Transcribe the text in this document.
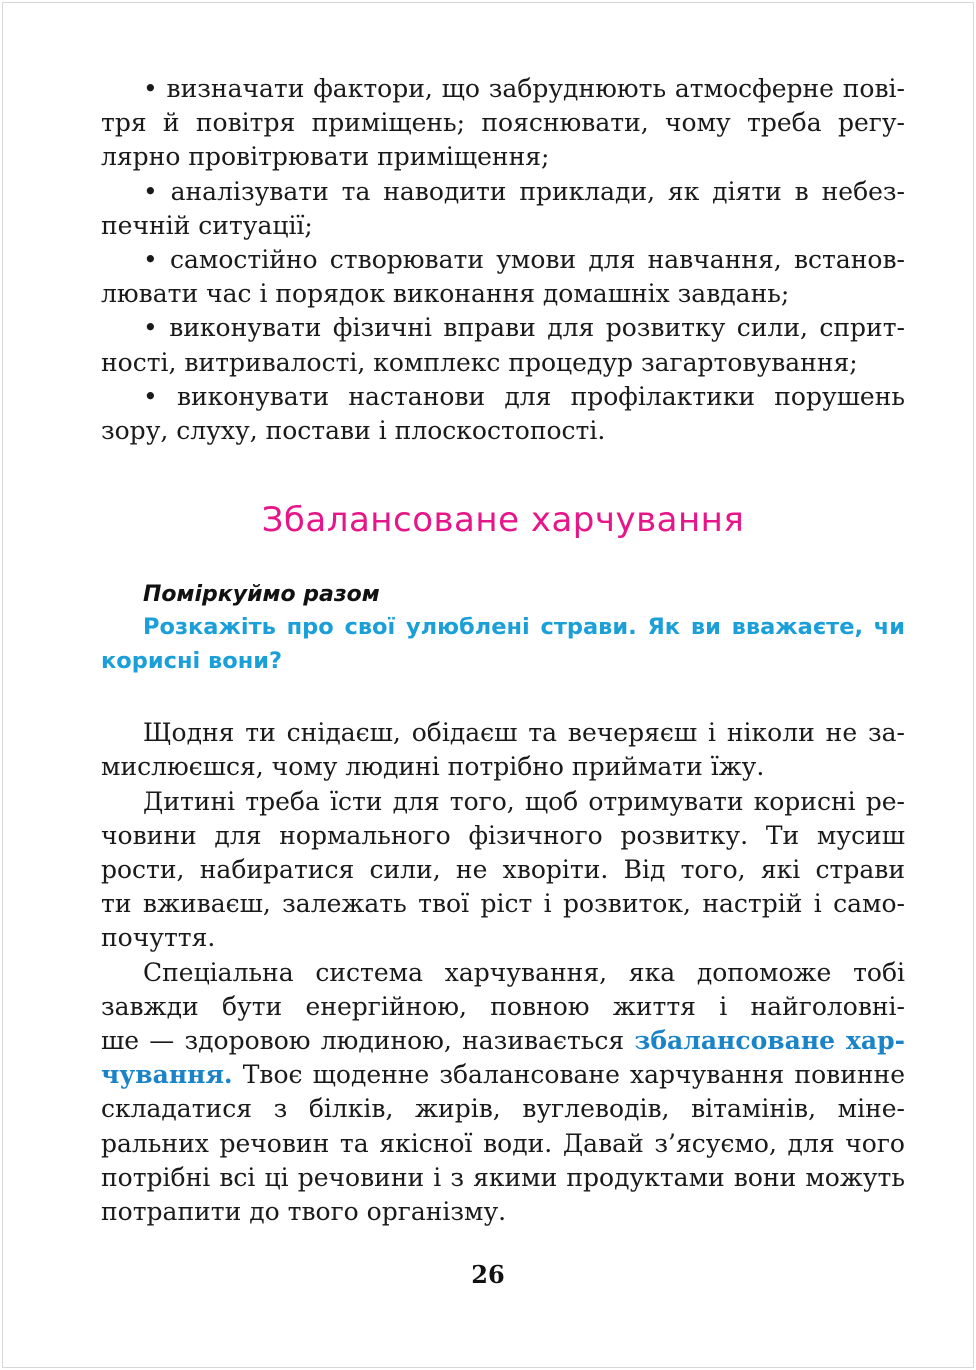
• визначати фактори, що забруднюють атмосферне пові-
тря й повітря приміщень; пояснювати, чому треба регу-
лярно провітрювати приміщення;
• аналізувати та наводити приклади, як діяти в небез-
печній ситуації;
• самостійно створювати умови для навчання, встанов-
лювати час і порядок виконання домашніх завдань;
• виконувати фізичні вправи для розвитку сили, сприт-
ності, витривалості, комплекс процедур загартовування;
• виконувати настанови для профілактики порушень
зору, слуху, постави і плоскостопості.
Збалансоване харчування
Поміркуймо разом
Розкажіть про свої улюблені страви. Як ви вважаєте, чи
корисні вони?
Щодня ти снідаєш, обідаєш та вечеряєш і ніколи не за-
мислюєшся, чому людині потрібно приймати їжу.
Дитині треба їсти для того, щоб отримувати корисні ре-
човини для нормального фізичного розвитку. Ти мусиш
рости, набиратися сили, не хворіти. Від того, які страви
ти вживаєш, залежать твої ріст і розвиток, настрій і само-
почуття.
Спеціальна система харчування, яка допоможе тобі
завжди бути енергійною, повною життя і найголовні-
ше — здоровою людиною, називається збалансоване хар-
чування. Твоє щоденне збалансоване харчування повинне
складатися з білків, жирів, вуглеводів, вітамінів, міне-
ральних речовин та якісної води. Давай з’ясуємо, для чого
потрібні всі ці речовини і з якими продуктами вони можуть
потрапити до твого організму.
26
